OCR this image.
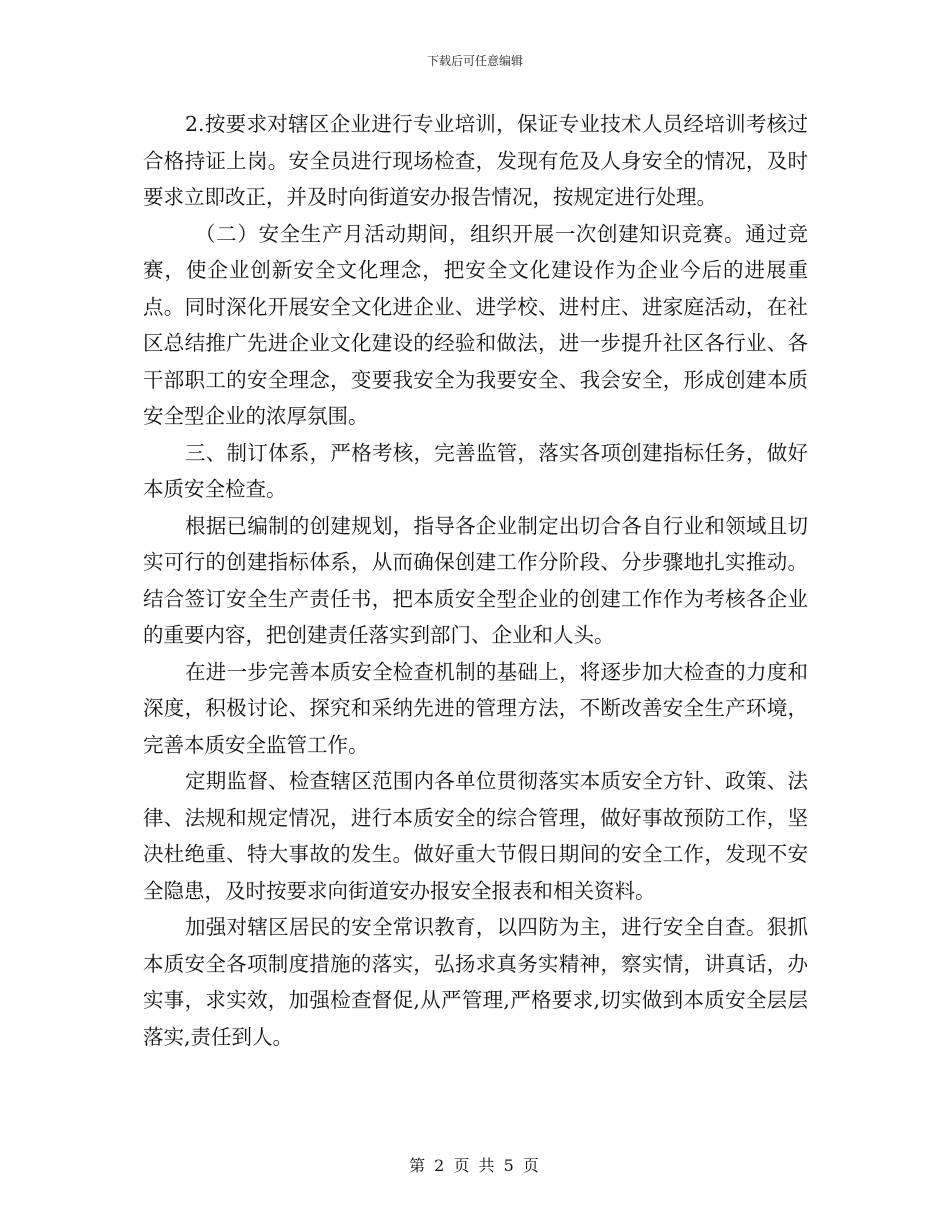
下载后可任意编辑

2.按要求对辖区企业进行专业培训，保证专业技术人员经培训考核过合格持证上岗。安全员进行现场检查，发现有危及人身安全的情况，及时要求立即改正，并及时向街道安办报告情况，按规定进行处理。

（二）安全生产月活动期间，组织开展一次创建知识竞赛。通过竞赛，使企业创新安全文化理念，把安全文化建设作为企业今后的进展重点。同时深化开展安全文化进企业、进学校、进村庄、进家庭活动，在社区总结推广先进企业文化建设的经验和做法，进一步提升社区各行业、各干部职工的安全理念，变要我安全为我要安全、我会安全，形成创建本质安全型企业的浓厚氛围。

三、制订体系，严格考核，完善监管，落实各项创建指标任务，做好本质安全检查。

根据已编制的创建规划，指导各企业制定出切合各自行业和领域且切实可行的创建指标体系，从而确保创建工作分阶段、分步骤地扎实推动。结合签订安全生产责任书，把本质安全型企业的创建工作作为考核各企业的重要内容，把创建责任落实到部门、企业和人头。

在进一步完善本质安全检查机制的基础上，将逐步加大检查的力度和深度，积极讨论、探究和采纳先进的管理方法，不断改善安全生产环境，完善本质安全监管工作。

定期监督、检查辖区范围内各单位贯彻落实本质安全方针、政策、法律、法规和规定情况，进行本质安全的综合管理，做好事故预防工作，坚决杜绝重、特大事故的发生。做好重大节假日期间的安全工作，发现不安全隐患，及时按要求向街道安办报安全报表和相关资料。

加强对辖区居民的安全常识教育，以四防为主，进行安全自查。狠抓本质安全各项制度措施的落实，弘扬求真务实精神，察实情，讲真话，办实事，求实效，加强检查督促,从严管理,严格要求,切实做到本质安全层层落实,责任到人。

第 2 页 共 5 页
